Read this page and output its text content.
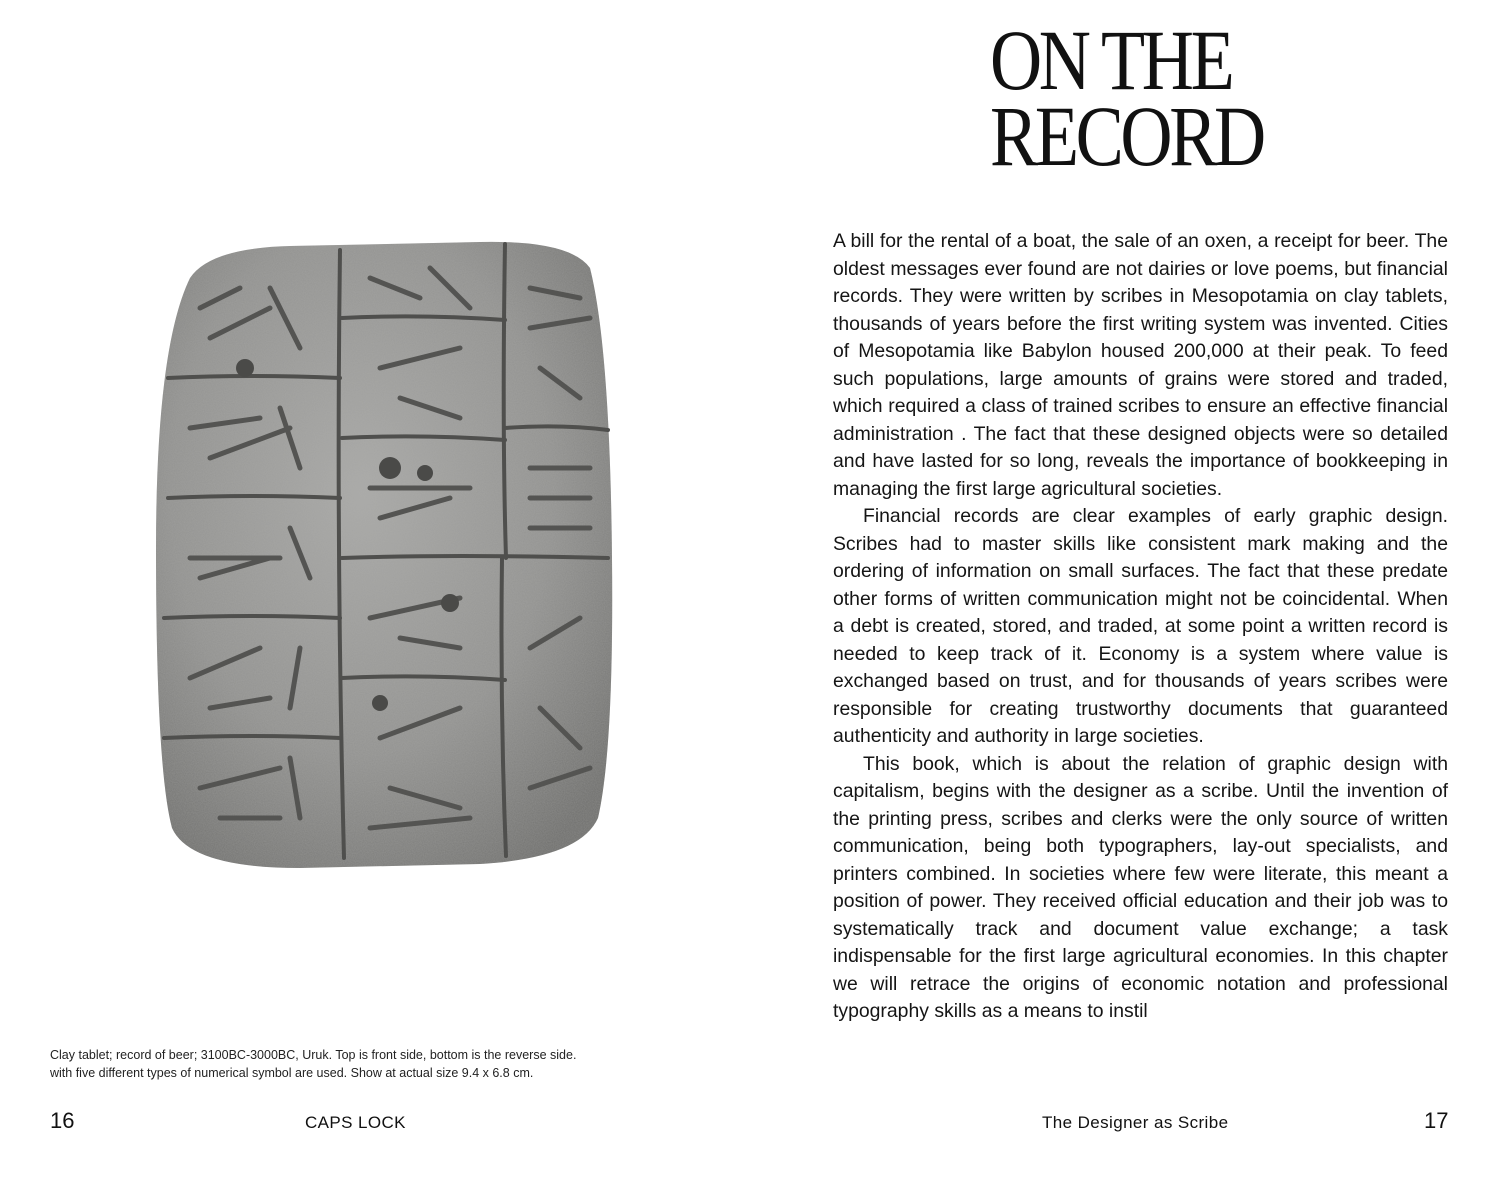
Clay tablet; record of beer; 3100BC-3000BC, Uruk. Top is front side, bottom is the reverse side.

with five different types of numerical symbol are used. Show at actual size 9.4 x 6.8 cm.

16	CAPS LOCK
ON THE
RECORD

A bill for the rental of a boat, the sale of an oxen, a receipt for beer. The oldest messages ever found are not dairies or love poems, but financial records. They were written by scribes in Mesopotamia on clay tablets, thousands of years before the first writing system was invented. Cities of Mesopotamia like Babylon housed 200,000 at their peak. To feed such populations, large amounts of grains were stored and traded, which required a class of trained scribes to ensure an effective financial administration . The fact that these designed objects were so detailed and have lasted for so long, reveals the importance of bookkeeping in managing the first large agricultural societies.

Financial records are clear examples of early graphic design. Scribes had to master skills like consistent mark making and the ordering of information on small surfaces. The fact that these predate other forms of written communication might not be coincidental. When a debt is created, stored, and traded, at some point a written record is needed to keep track of it. Economy is a system where value is exchanged based on trust, and for thousands of years scribes were responsible for creating trustworthy documents that guaranteed authenticity and authority in large societies.

This book, which is about the relation of graphic design with capitalism, begins with the designer as a scribe. Until the invention of the printing press, scribes and clerks were the only source of written communication, being both typographers, lay-out specialists, and printers combined. In societies where few were literate, this meant a position of power. They received official education and their job was to systematically track and document value exchange; a task indispensable for the first large agricultural economies. In this chapter we will retrace the origins of economic notation and professional typography skills as a means to instil

The Designer as Scribe	17
